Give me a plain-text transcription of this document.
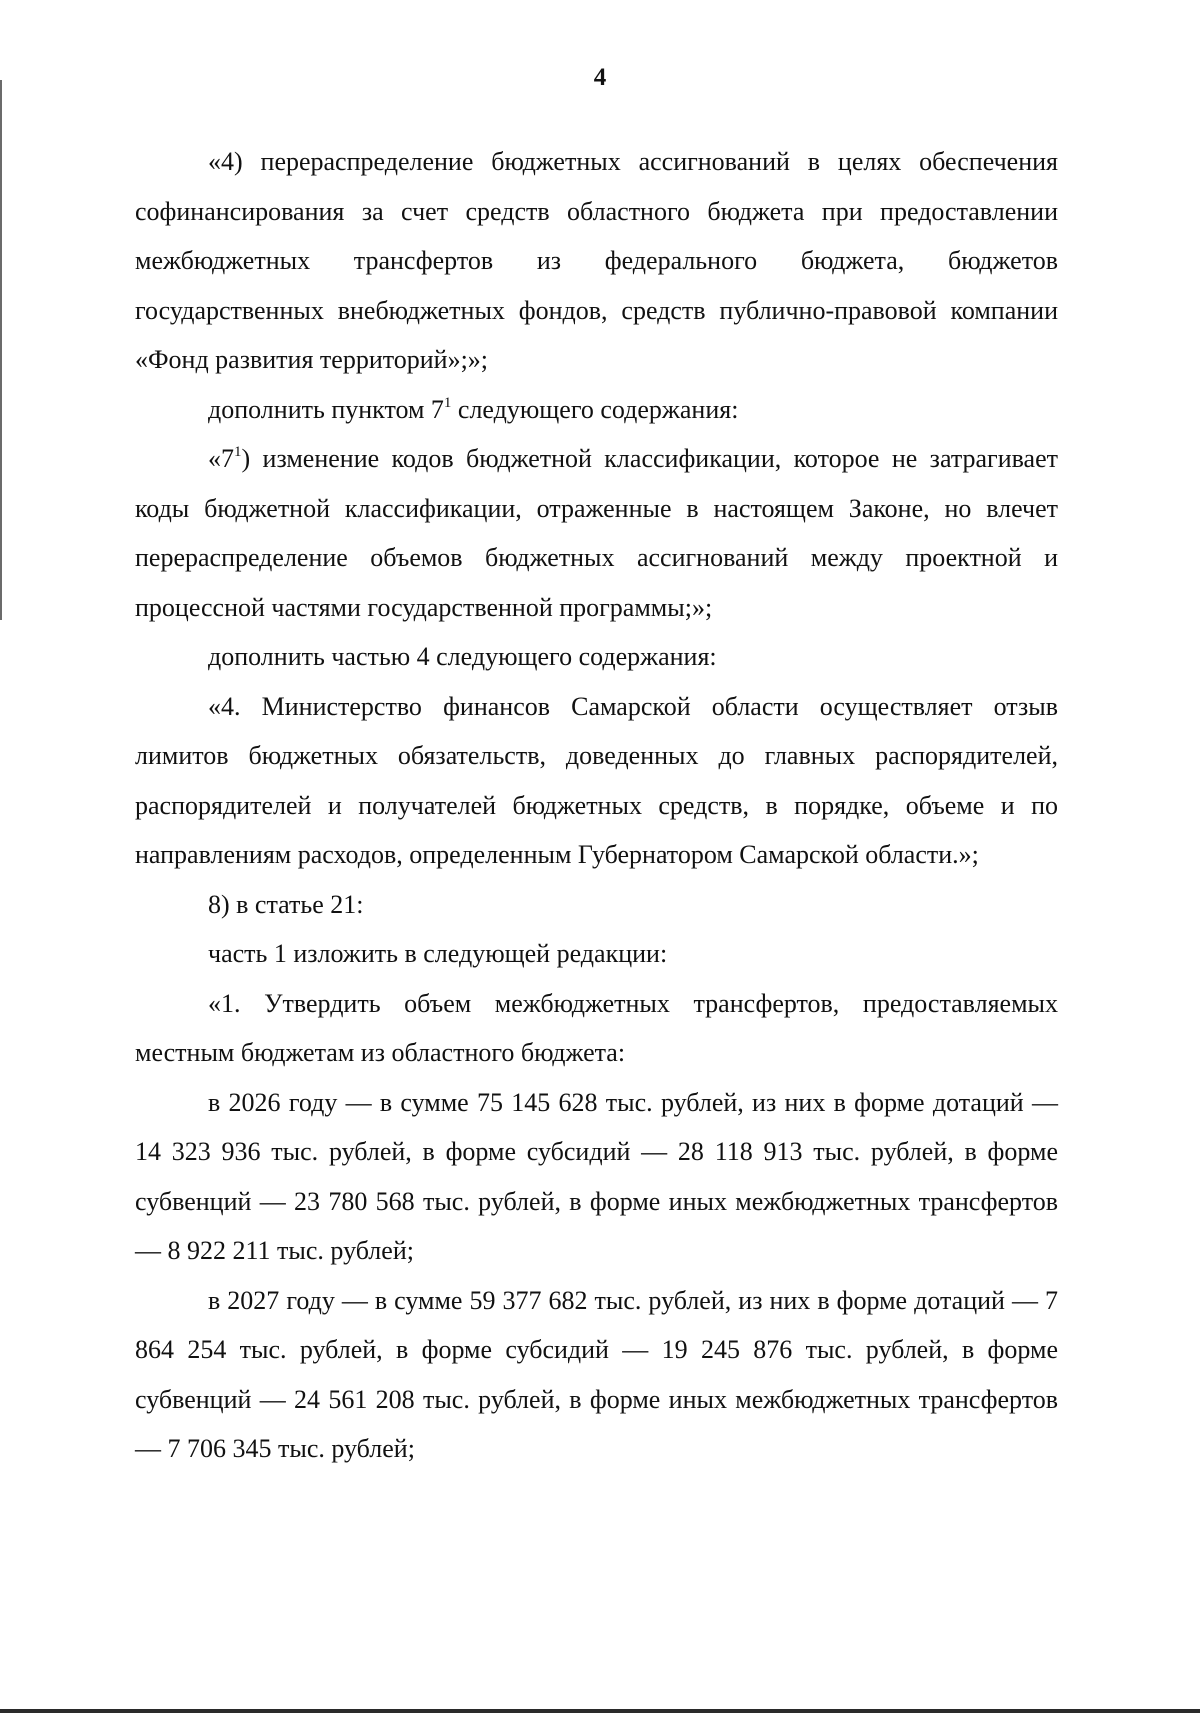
4

«4) перераспределение бюджетных ассигнований в целях обеспечения софинансирования за счет средств областного бюджета при предоставлении межбюджетных трансфертов из федерального бюджета, бюджетов государственных внебюджетных фондов, средств публично-правовой компании «Фонд развития территорий»;»;

дополнить пунктом $7^1$ следующего содержания:

«$7^1$) изменение кодов бюджетной классификации, которое не затрагивает коды бюджетной классификации, отраженные в настоящем Законе, но влечет перераспределение объемов бюджетных ассигнований между проектной и процессной частями государственной программы;»;

дополнить частью 4 следующего содержания:

«4. Министерство финансов Самарской области осуществляет отзыв лимитов бюджетных обязательств, доведенных до главных распорядителей, распорядителей и получателей бюджетных средств, в порядке, объеме и по направлениям расходов, определенным Губернатором Самарской области.»;

8) в статье 21:

часть 1 изложить в следующей редакции:

«1. Утвердить объем межбюджетных трансфертов, предоставляемых местным бюджетам из областного бюджета:

в 2026 году — в сумме 75 145 628 тыс. рублей, из них в форме дотаций — 14 323 936 тыс. рублей, в форме субсидий — 28 118 913 тыс. рублей, в форме субвенций — 23 780 568 тыс. рублей, в форме иных межбюджетных трансфертов — 8 922 211 тыс. рублей;

в 2027 году — в сумме 59 377 682 тыс. рублей, из них в форме дотаций — 7 864 254 тыс. рублей, в форме субсидий — 19 245 876 тыс. рублей, в форме субвенций — 24 561 208 тыс. рублей, в форме иных межбюджетных трансфертов — 7 706 345 тыс. рублей;
